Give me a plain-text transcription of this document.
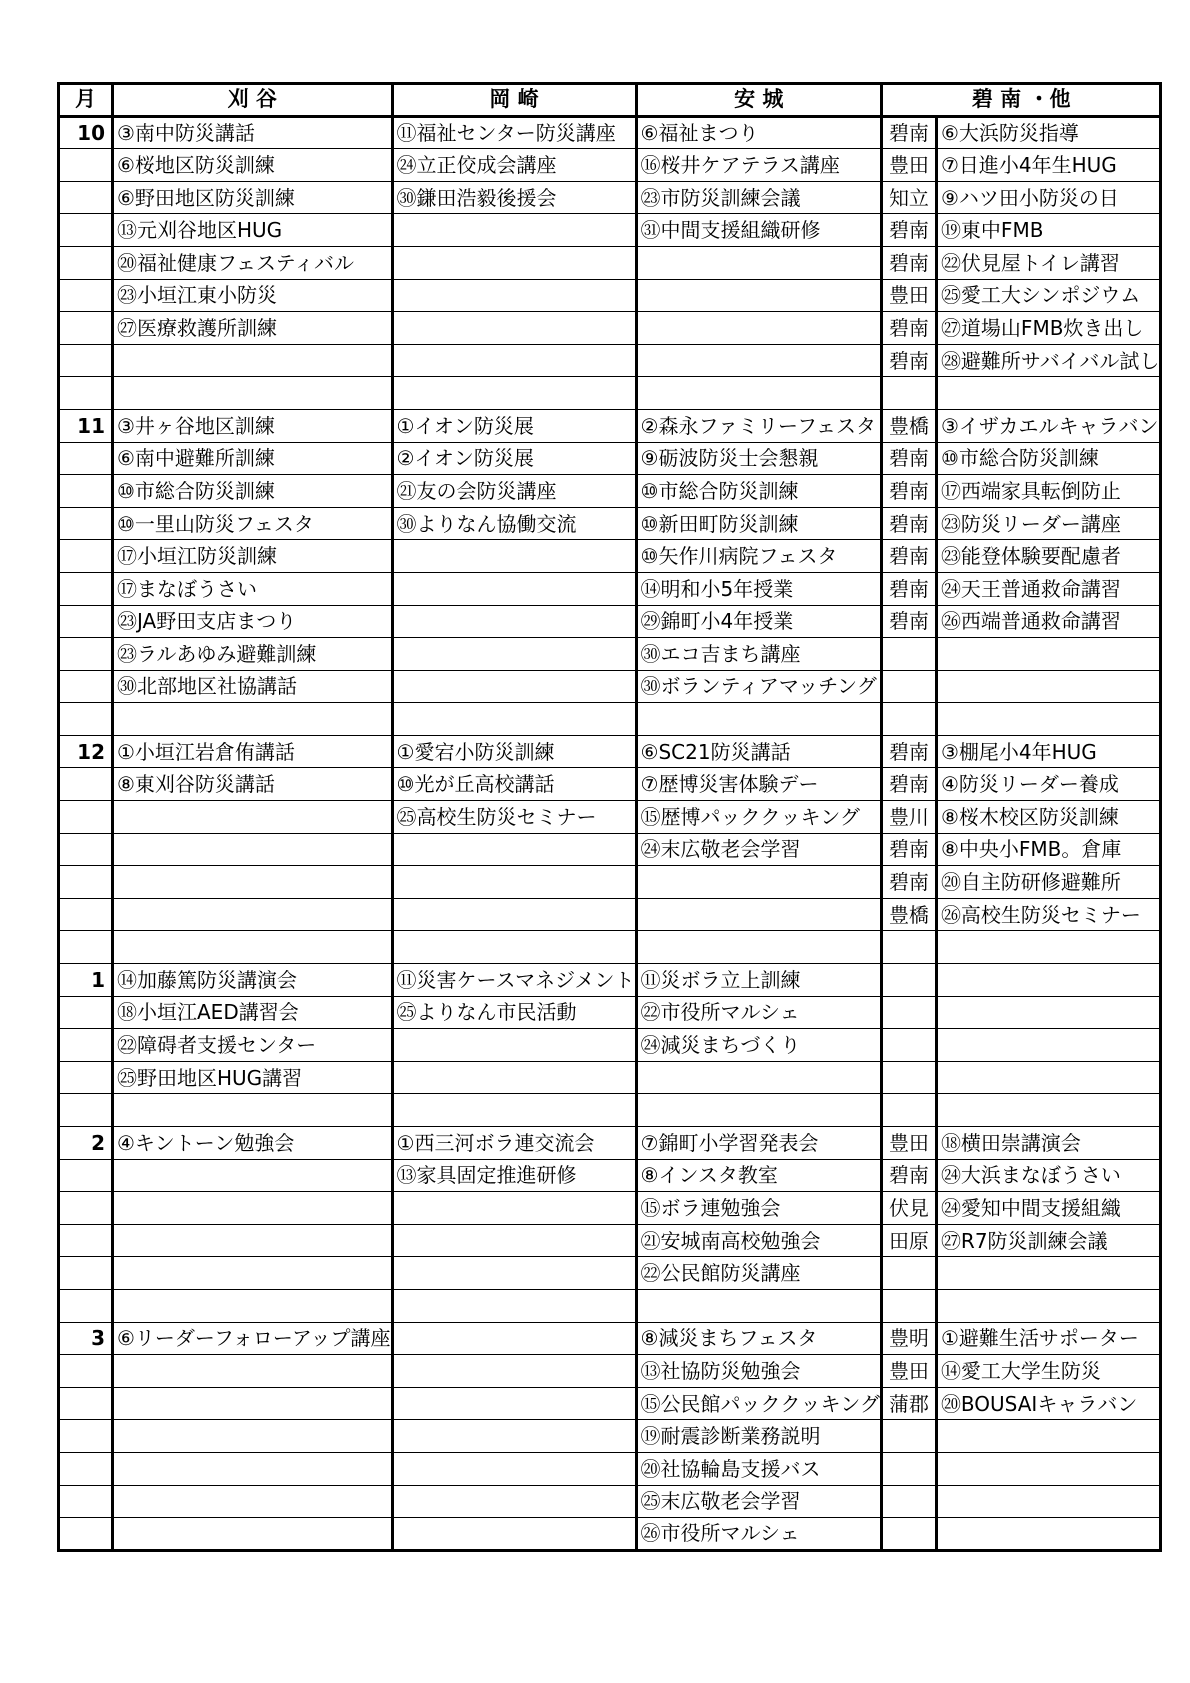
月	刈 谷	岡 崎	安 城	碧 南 ・他	
10	③南中防災講話	⑪福祉センター防災講座	⑥福祉まつり	碧南	⑥大浜防災指導
	⑥桜地区防災訓練	㉔立正佼成会講座	⑯桜井ケアテラス講座	豊田	⑦日進小4年生HUG
	⑥野田地区防災訓練	㉚鎌田浩毅後援会	㉓市防災訓練会議	知立	⑨ハツ田小防災の日
	⑬元刈谷地区HUG		㉛中間支援組織研修	碧南	⑲東中FMB
	⑳福祉健康フェスティバル			碧南	㉒伏見屋トイレ講習
	㉓小垣江東小防災			豊田	㉕愛工大シンポジウム
	㉗医療救護所訓練			碧南	㉗道場山FMB炊き出し
				碧南	㉘避難所サバイバル試し

11	③井ヶ谷地区訓練	①イオン防災展	②森永ファミリーフェスタ	豊橋	③イザカエルキャラバン
	⑥南中避難所訓練	②イオン防災展	⑨砺波防災士会懇親	碧南	⑩市総合防災訓練
	⑩市総合防災訓練	㉑友の会防災講座	⑩市総合防災訓練	碧南	⑰西端家具転倒防止
	⑩一里山防災フェスタ	㉚よりなん協働交流	⑩新田町防災訓練	碧南	㉓防災リーダー講座
	⑰小垣江防災訓練		⑩矢作川病院フェスタ	碧南	㉓能登体験要配慮者
	⑰まなぼうさい		⑭明和小5年授業	碧南	㉔天王普通救命講習
	㉓JA野田支店まつり		㉙錦町小4年授業	碧南	㉖西端普通救命講習
	㉓ラルあゆみ避難訓練		㉚エコ吉まち講座		
	㉚北部地区社協講話		㉚ボランティアマッチング		

12	①小垣江岩倉侑講話	①愛宕小防災訓練	⑥SC21防災講話	碧南	③棚尾小4年HUG
	⑧東刈谷防災講話	⑩光が丘高校講話	⑦歴博災害体験デー	碧南	④防災リーダー養成
		㉕高校生防災セミナー	⑮歴博パッククッキング	豊川	⑧桜木校区防災訓練
			㉔末広敬老会学習	碧南	⑧中央小FMB。倉庫
				碧南	⑳自主防研修避難所
				豊橋	㉖高校生防災セミナー

1	⑭加藤篤防災講演会	⑪災害ケースマネジメント	⑪災ボラ立上訓練		
	⑱小垣江AED講習会	㉕よりなん市民活動	㉒市役所マルシェ		
	㉒障碍者支援センター		㉔減災まちづくり		
	㉕野田地区HUG講習				

2	④キントーン勉強会	①西三河ボラ連交流会	⑦錦町小学習発表会	豊田	⑱横田崇講演会
		⑬家具固定推進研修	⑧インスタ教室	碧南	㉔大浜まなぼうさい
			⑮ボラ連勉強会	伏見	㉔愛知中間支援組織
			㉑安城南高校勉強会	田原	㉗R7防災訓練会議
			㉒公民館防災講座		

3	⑥リーダーフォローアップ講座		⑧減災まちフェスタ	豊明	①避難生活サポーター
			⑬社協防災勉強会	豊田	⑭愛工大学生防災
			⑮公民館パッククッキング	蒲郡	⑳BOUSAIキャラバン
			⑲耐震診断業務説明		
			⑳社協輪島支援バス		
			㉕末広敬老会学習		
			㉖市役所マルシェ		
